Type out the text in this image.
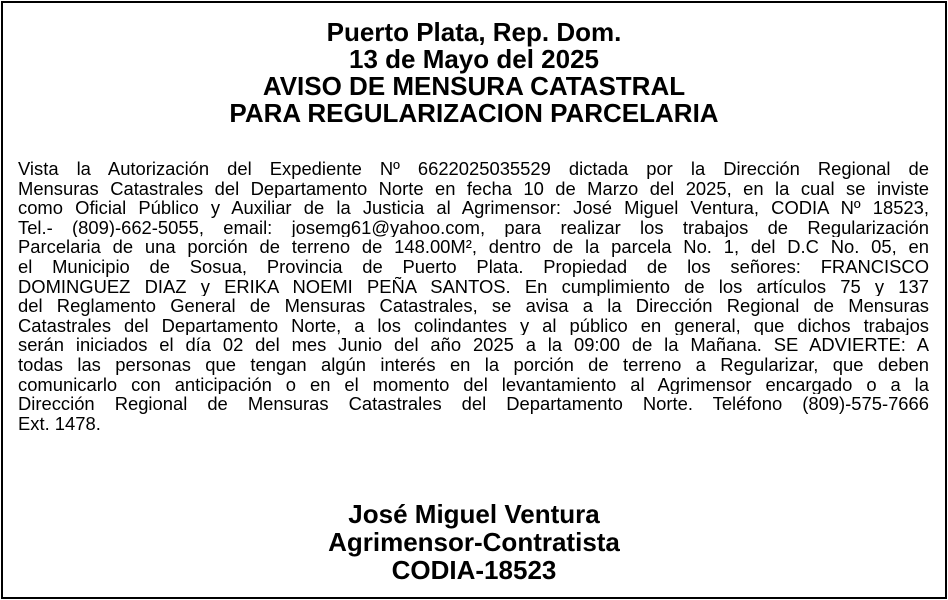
Puerto Plata, Rep. Dom.
13 de Mayo del 2025
AVISO DE MENSURA CATASTRAL
PARA REGULARIZACION PARCELARIA
Vista la Autorización del Expediente Nº 6622025035529 dictada por la Dirección Regional de
Mensuras Catastrales del Departamento Norte en fecha 10 de Marzo del 2025, en la cual se inviste
como Oficial Público y Auxiliar de la Justicia al Agrimensor: José Miguel Ventura, CODIA Nº 18523,
Tel.- (809)-662-5055, email: josemg61@yahoo.com, para realizar los trabajos de Regularización
Parcelaria de una porción de terreno de 148.00M², dentro de la parcela No. 1, del D.C No. 05, en
el Municipio de Sosua, Provincia de Puerto Plata. Propiedad de los señores: FRANCISCO
DOMINGUEZ DIAZ y ERIKA NOEMI PEÑA SANTOS. En cumplimiento de los artículos 75 y 137
del Reglamento General de Mensuras Catastrales, se avisa a la Dirección Regional de Mensuras
Catastrales del Departamento Norte, a los colindantes y al público en general, que dichos trabajos
serán iniciados el día 02 del mes Junio del año 2025 a la 09:00 de la Mañana. SE ADVIERTE: A
todas las personas que tengan algún interés en la porción de terreno a Regularizar, que deben
comunicarlo con anticipación o en el momento del levantamiento al Agrimensor encargado o a la
Dirección Regional de Mensuras Catastrales del Departamento Norte. Teléfono (809)-575-7666
Ext. 1478.
José Miguel Ventura
Agrimensor-Contratista
CODIA-18523
